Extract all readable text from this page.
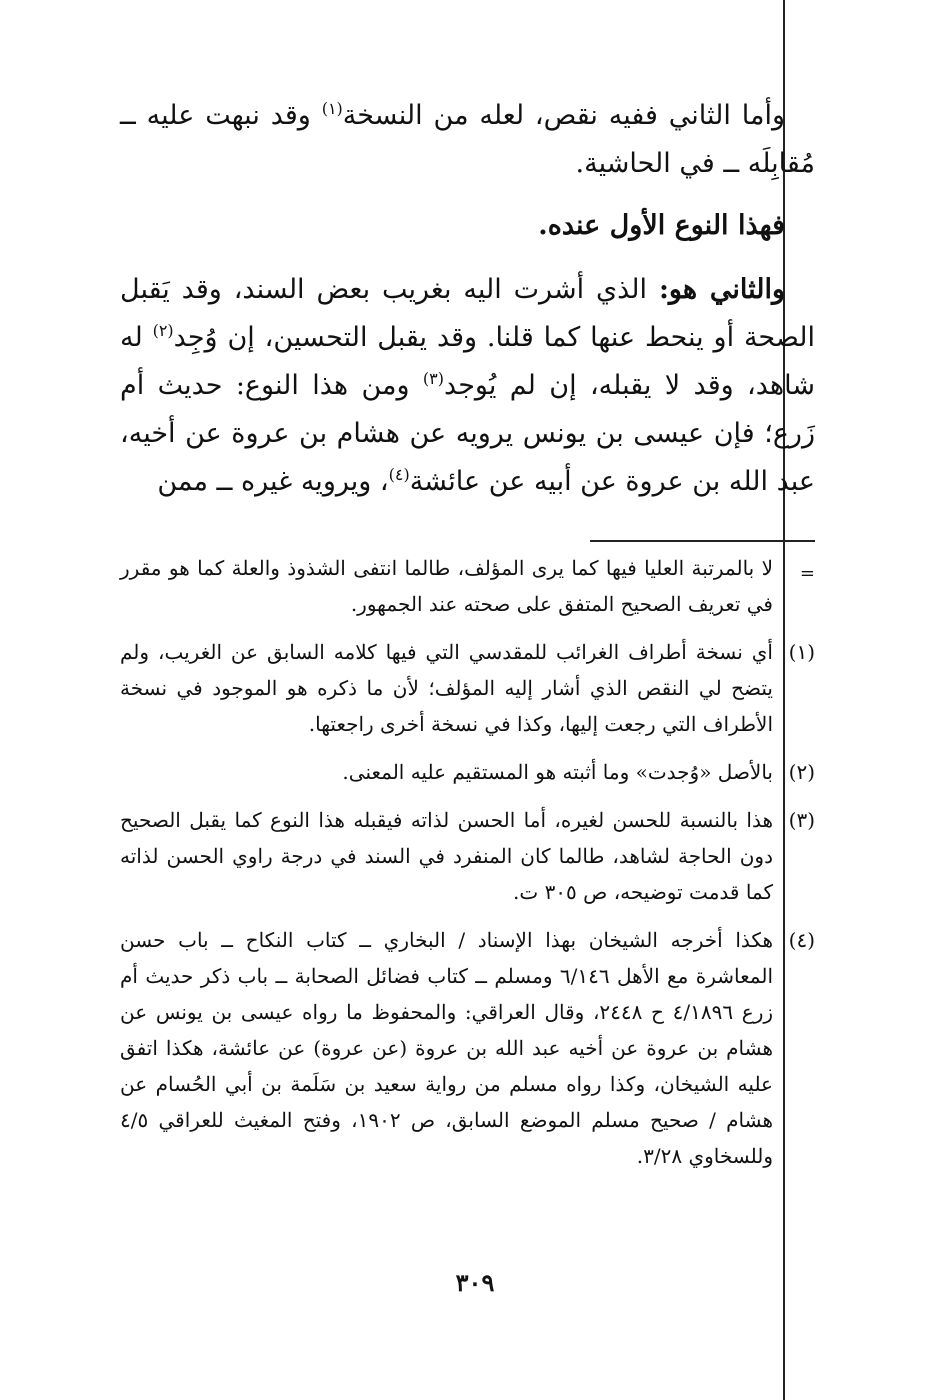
وأما الثاني ففيه نقص، لعله من النسخة$^{(١)}$ وقد نبهت عليه ــ مُقابِلَه ــ في الحاشية.

فهذا النوع الأول عنده.

والثاني هو: الذي أشرت اليه بغريب بعض السند، وقد يَقبل الصحة أو ينحط عنها كما قلنا. وقد يقبل التحسين، إن وُجِد$^{(٢)}$ له شاهد، وقد لا يقبله، إن لم يُوجد$^{(٣)}$ ومن هذا النوع: حديث أم زَرع؛ فإن عيسى بن يونس يرويه عن هشام بن عروة عن أخيه، عبد الله بن عروة عن أبيه عن عائشة$^{(٤)}$، ويرويه غيره ــ ممن

=
لا بالمرتبة العليا فيها كما يرى المؤلف، طالما انتفى الشذوذ والعلة كما هو مقرر في تعريف الصحيح المتفق على صحته عند الجمهور.
(١)
أي نسخة أطراف الغرائب للمقدسي التي فيها كلامه السابق عن الغريب، ولم يتضح لي النقص الذي أشار إليه المؤلف؛ لأن ما ذكره هو الموجود في نسخة الأطراف التي رجعت إليها، وكذا في نسخة أخرى راجعتها.
(٢)
بالأصل «وُجدت» وما أثبته هو المستقيم عليه المعنى.
(٣)
هذا بالنسبة للحسن لغيره، أما الحسن لذاته فيقبله هذا النوع كما يقبل الصحيح دون الحاجة لشاهد، طالما كان المنفرد في السند في درجة راوي الحسن لذاته كما قدمت توضيحه، ص ٣٠٥ ت.
(٤)
هكذا أخرجه الشيخان بهذا الإسناد / البخاري ــ كتاب النكاح ــ باب حسن المعاشرة مع الأهل ٦/١٤٦ ومسلم ــ كتاب فضائل الصحابة ــ باب ذكر حديث أم زرع ٤/١٨٩٦ ح ٢٤٤٨، وقال العراقي: والمحفوظ ما رواه عيسى بن يونس عن هشام بن عروة عن أخيه عبد الله بن عروة (عن عروة) عن عائشة، هكذا اتفق عليه الشيخان، وكذا رواه مسلم من رواية سعيد بن سَلَمة بن أبي الحُسام عن هشام / صحيح مسلم الموضع السابق، ص ١٩٠٢، وفتح المغيث للعراقي ٤/٥ وللسخاوي ٣/٢٨.
٣٠٩
